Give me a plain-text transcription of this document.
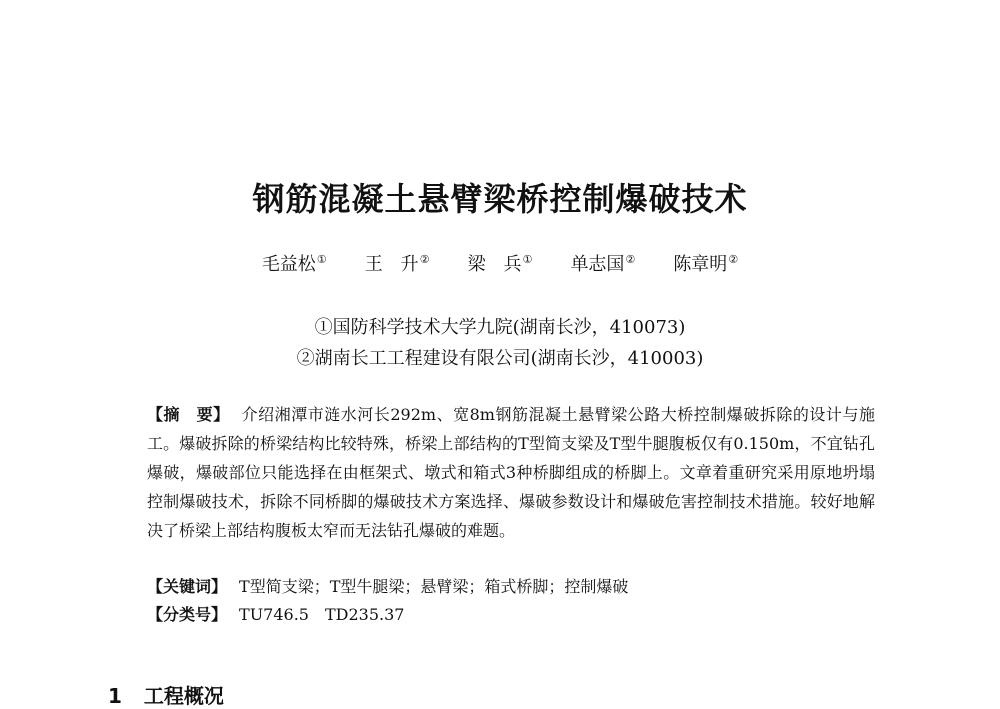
钢筋混凝土悬臂梁桥控制爆破技术
毛益松① 王　升② 梁　兵① 单志国② 陈章明②
①国防科学技术大学九院(湖南长沙，410073)
②湖南长工工程建设有限公司(湖南长沙，410003)
【摘　要】 介绍湘潭市涟水河长292m、宽8m钢筋混凝土悬臂梁公路大桥控制爆破拆除的设计与施工。爆破拆除的桥梁结构比较特殊，桥梁上部结构的T型简支梁及T型牛腿腹板仅有0.150m，不宜钻孔爆破，爆破部位只能选择在由框架式、墩式和箱式3种桥脚组成的桥脚上。文章着重研究采用原地坍塌控制爆破技术，拆除不同桥脚的爆破技术方案选择、爆破参数设计和爆破危害控制技术措施。较好地解决了桥梁上部结构腹板太窄而无法钻孔爆破的难题。
【关键词】 T型简支梁；T型牛腿梁；悬臂梁；箱式桥脚；控制爆破
【分类号】 TU746.5　TD235.37
1 工程概况
